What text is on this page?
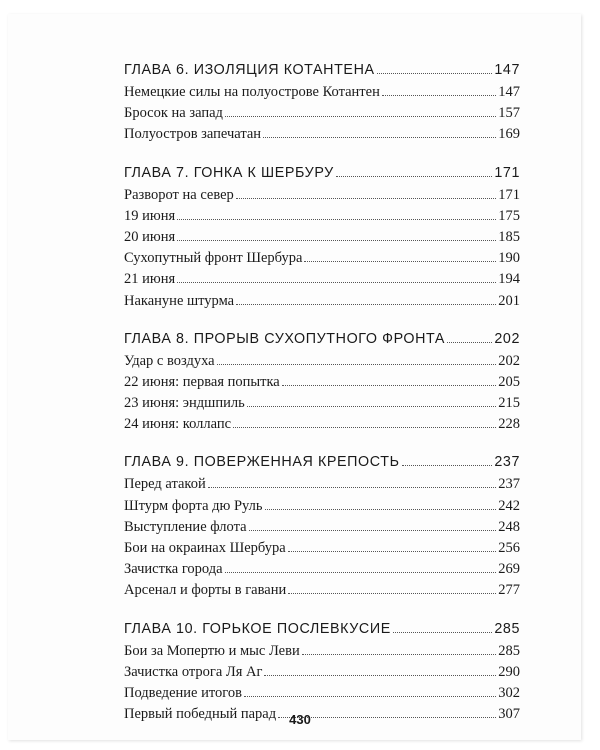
ГЛАВА 6. ИЗОЛЯЦИЯ КОТАНТЕНА	147
Немецкие силы на полуострове Котантен	147
Бросок на запад	157
Полуостров запечатан	169
ГЛАВА 7. ГОНКА К ШЕРБУРУ	171
Разворот на север	171
19 июня	175
20 июня	185
Сухопутный фронт Шербура	190
21 июня	194
Накануне штурма	201
ГЛАВА 8. ПРОРЫВ СУХОПУТНОГО ФРОНТА	202
Удар с воздуха	202
22 июня: первая попытка	205
23 июня: эндшпиль	215
24 июня: коллапс	228
ГЛАВА 9. ПОВЕРЖЕННАЯ КРЕПОСТЬ	237
Перед атакой	237
Штурм форта дю Руль	242
Выступление флота	248
Бои на окраинах Шербура	256
Зачистка города	269
Арсенал и форты в гавани	277
ГЛАВА 10. ГОРЬКОЕ ПОСЛЕВКУСИЕ	285
Бои за Мопертю и мыс Леви	285
Зачистка отрога Ля Аг	290
Подведение итогов	302
Первый победный парад	307
430
